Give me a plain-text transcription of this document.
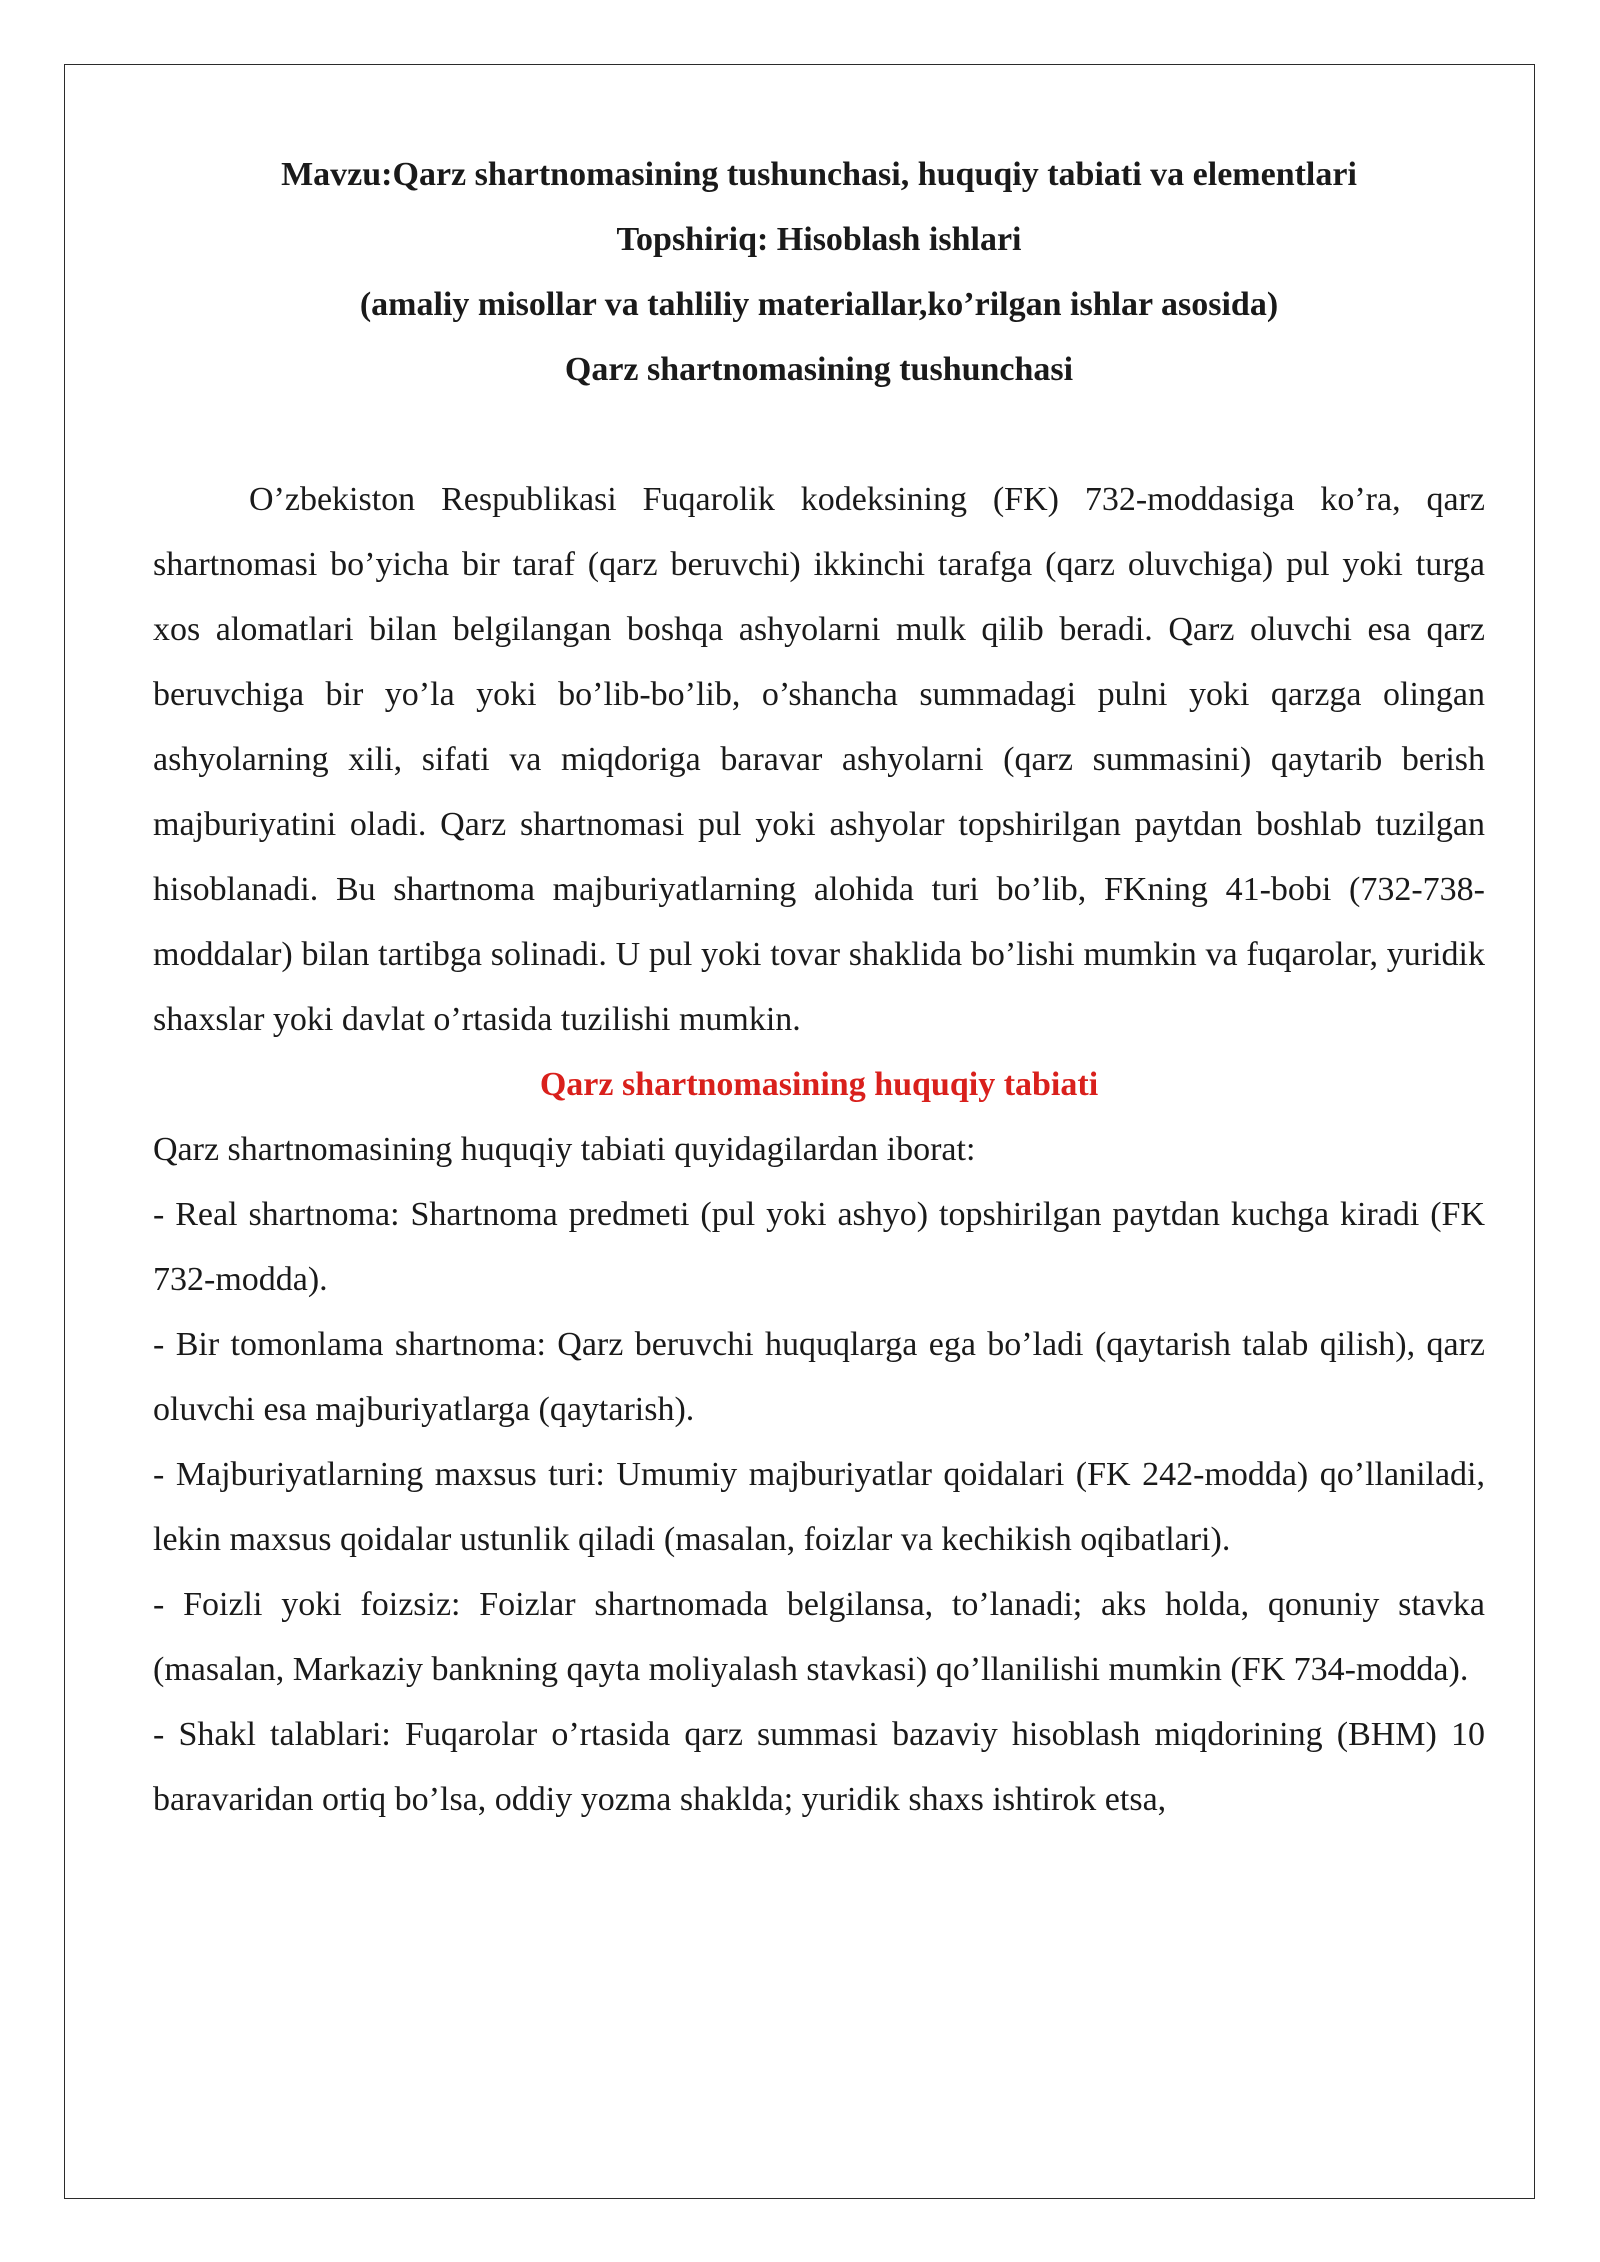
Mavzu:Qarz shartnomasining tushunchasi, huquqiy tabiati va elementlari
Topshiriq: Hisoblash ishlari
(amaliy misollar va tahliliy materiallar,ko’rilgan ishlar asosida)
Qarz shartnomasining tushunchasi

O’zbekiston Respublikasi Fuqarolik kodeksining (FK) 732-moddasiga ko’ra, qarz shartnomasi bo’yicha bir taraf (qarz beruvchi) ikkinchi tarafga (qarz oluvchiga) pul yoki turga xos alomatlari bilan belgilangan boshqa ashyolarni mulk qilib beradi. Qarz oluvchi esa qarz beruvchiga bir yo’la yoki bo’lib-bo’lib, o’shancha summadagi pulni yoki qarzga olingan ashyolarning xili, sifati va miqdoriga baravar ashyolarni (qarz summasini) qaytarib berish majburiyatini oladi. Qarz shartnomasi pul yoki ashyolar topshirilgan paytdan boshlab tuzilgan hisoblanadi. Bu shartnoma majburiyatlarning alohida turi bo’lib, FKning 41-bobi (732-738-moddalar) bilan tartibga solinadi. U pul yoki tovar shaklida bo’lishi mumkin va fuqarolar, yuridik shaxslar yoki davlat o’rtasida tuzilishi mumkin.

Qarz shartnomasining huquqiy tabiati

Qarz shartnomasining huquqiy tabiati quyidagilardan iborat:

- Real shartnoma: Shartnoma predmeti (pul yoki ashyo) topshirilgan paytdan kuchga kiradi (FK 732-modda).

- Bir tomonlama shartnoma: Qarz beruvchi huquqlarga ega bo’ladi (qaytarish talab qilish), qarz oluvchi esa majburiyatlarga (qaytarish).

- Majburiyatlarning maxsus turi: Umumiy majburiyatlar qoidalari (FK 242-modda) qo’llaniladi, lekin maxsus qoidalar ustunlik qiladi (masalan, foizlar va kechikish oqibatlari).

- Foizli yoki foizsiz: Foizlar shartnomada belgilansa, to’lanadi; aks holda, qonuniy stavka (masalan, Markaziy bankning qayta moliyalash stavkasi) qo’llanilishi mumkin (FK 734-modda).

- Shakl talablari: Fuqarolar o’rtasida qarz summasi bazaviy hisoblash miqdorining (BHM) 10 baravaridan ortiq bo’lsa, oddiy yozma shaklda; yuridik shaxs ishtirok etsa,
